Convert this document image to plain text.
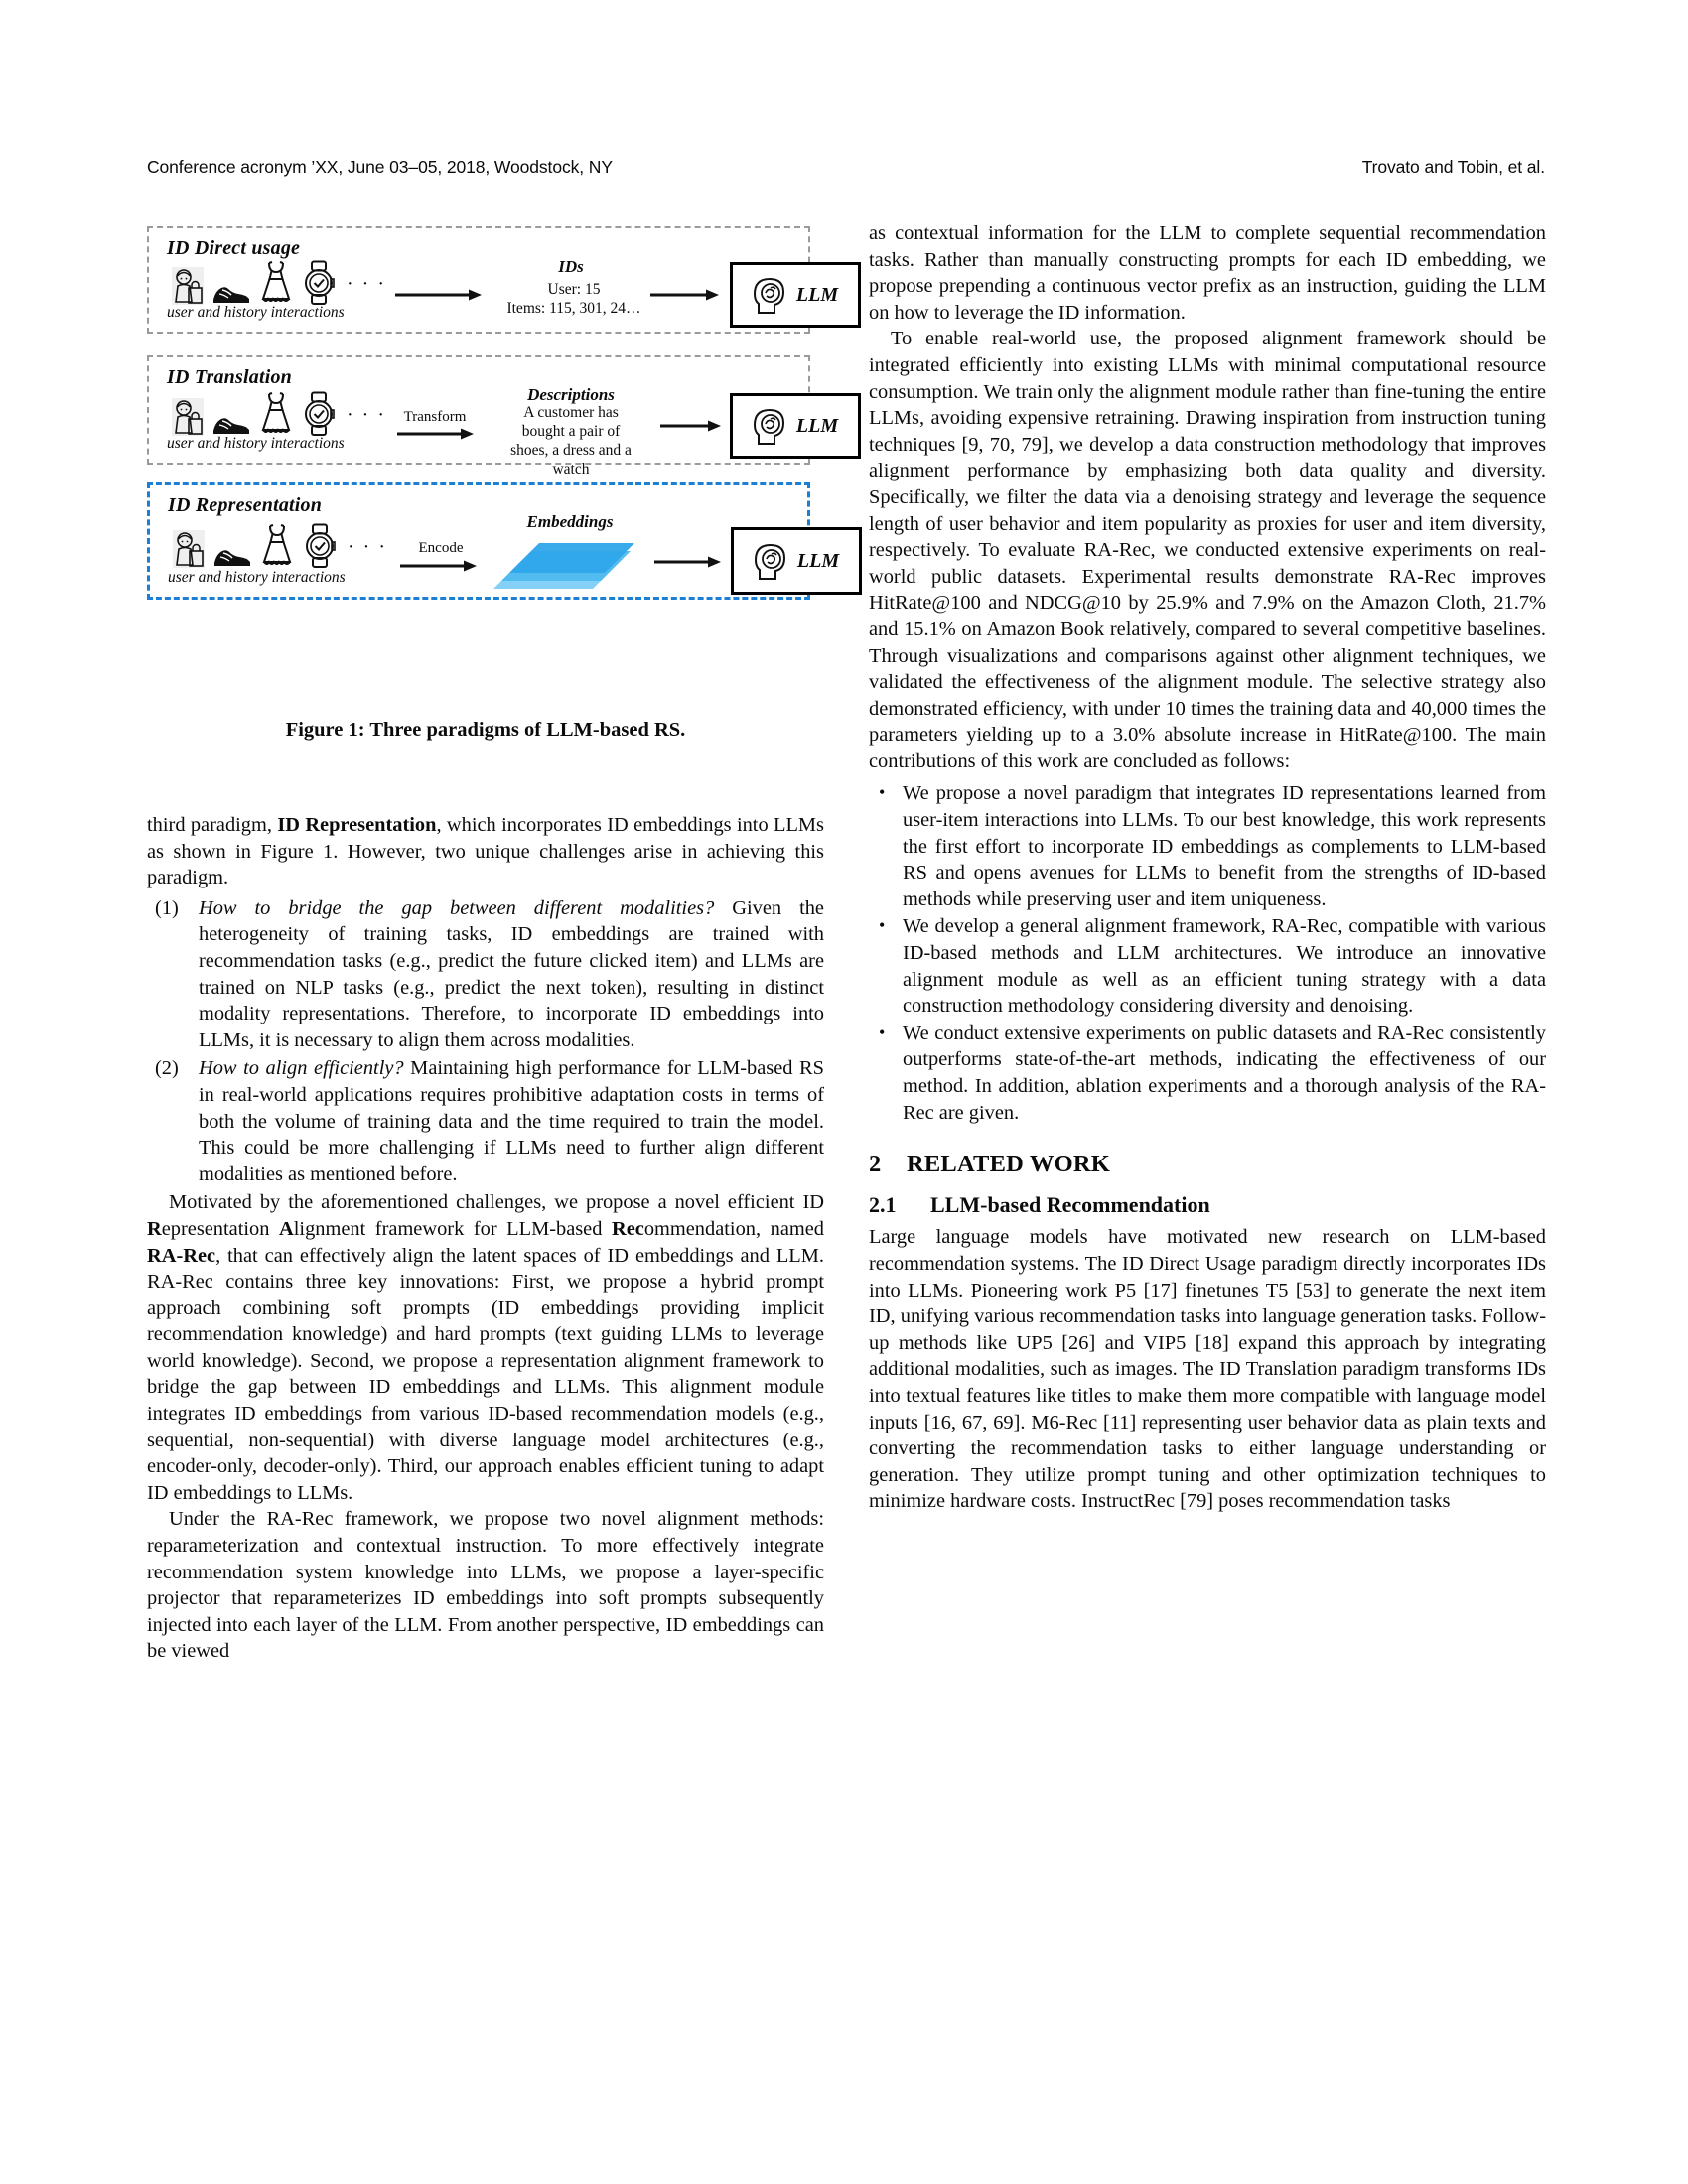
Conference acronym ’XX, June 03–05, 2018, Woodstock, NY	Trovato and Tobin, et al.
ID Direct usage
· · ·
user and history interactions
IDs
User: 15
Items: 115, 301, 24…
LLM
ID Translation
· · ·
user and history interactions
Transform
Descriptions
A customer has
bought a pair of
shoes, a dress and a
watch
LLM
ID Representation
· · ·
user and history interactions
Encode
Embeddings
LLM
Figure 1: Three paradigms of LLM-based RS.

third paradigm, ID Representation, which incorporates ID embeddings into LLMs as shown in Figure 1. However, two unique challenges arise in achieving this paradigm.

(1) How to bridge the gap between different modalities? Given the heterogeneity of training tasks, ID embeddings are trained with recommendation tasks (e.g., predict the future clicked item) and LLMs are trained on NLP tasks (e.g., predict the next token), resulting in distinct modality representations. Therefore, to incorporate ID embeddings into LLMs, it is necessary to align them across modalities.
(2) How to align efficiently? Maintaining high performance for LLM-based RS in real-world applications requires prohibitive adaptation costs in terms of both the volume of training data and the time required to train the model. This could be more challenging if LLMs need to further align different modalities as mentioned before.

Motivated by the aforementioned challenges, we propose a novel efficient ID Representation Alignment framework for LLM-based Recommendation, named RA-Rec, that can effectively align the latent spaces of ID embeddings and LLM. RA-Rec contains three key innovations: First, we propose a hybrid prompt approach combining soft prompts (ID embeddings providing implicit recommendation knowledge) and hard prompts (text guiding LLMs to leverage world knowledge). Second, we propose a representation alignment framework to bridge the gap between ID embeddings and LLMs. This alignment module integrates ID embeddings from various ID-based recommendation models (e.g., sequential, non-sequential) with diverse language model architectures (e.g., encoder-only, decoder-only). Third, our approach enables efficient tuning to adapt ID embeddings to LLMs.

Under the RA-Rec framework, we propose two novel alignment methods: reparameterization and contextual instruction. To more effectively integrate recommendation system knowledge into LLMs, we propose a layer-specific projector that reparameterizes ID embeddings into soft prompts subsequently injected into each layer of the LLM. From another perspective, ID embeddings can be viewed

as contextual information for the LLM to complete sequential recommendation tasks. Rather than manually constructing prompts for each ID embedding, we propose prepending a continuous vector prefix as an instruction, guiding the LLM on how to leverage the ID information.

To enable real-world use, the proposed alignment framework should be integrated efficiently into existing LLMs with minimal computational resource consumption. We train only the alignment module rather than fine-tuning the entire LLMs, avoiding expensive retraining. Drawing inspiration from instruction tuning techniques [9, 70, 79], we develop a data construction methodology that improves alignment performance by emphasizing both data quality and diversity. Specifically, we filter the data via a denoising strategy and leverage the sequence length of user behavior and item popularity as proxies for user and item diversity, respectively. To evaluate RA-Rec, we conducted extensive experiments on real-world public datasets. Experimental results demonstrate RA-Rec improves HitRate@100 and NDCG@10 by 25.9% and 7.9% on the Amazon Cloth, 21.7% and 15.1% on Amazon Book relatively, compared to several competitive baselines. Through visualizations and comparisons against other alignment techniques, we validated the effectiveness of the alignment module. The selective strategy also demonstrated efficiency, with under 10 times the training data and 40,000 times the parameters yielding up to a 3.0% absolute increase in HitRate@100. The main contributions of this work are concluded as follows:

• We propose a novel paradigm that integrates ID representations learned from user-item interactions into LLMs. To our best knowledge, this work represents the first effort to incorporate ID embeddings as complements to LLM-based RS and opens avenues for LLMs to benefit from the strengths of ID-based methods while preserving user and item uniqueness.
• We develop a general alignment framework, RA-Rec, compatible with various ID-based methods and LLM architectures. We introduce an innovative alignment module as well as an efficient tuning strategy with a data construction methodology considering diversity and denoising.
• We conduct extensive experiments on public datasets and RA-Rec consistently outperforms state-of-the-art methods, indicating the effectiveness of our method. In addition, ablation experiments and a thorough analysis of the RA-Rec are given.
2 RELATED WORK
2.1 LLM-based Recommendation

Large language models have motivated new research on LLM-based recommendation systems. The ID Direct Usage paradigm directly incorporates IDs into LLMs. Pioneering work P5 [17] finetunes T5 [53] to generate the next item ID, unifying various recommendation tasks into language generation tasks. Follow-up methods like UP5 [26] and VIP5 [18] expand this approach by integrating additional modalities, such as images. The ID Translation paradigm transforms IDs into textual features like titles to make them more compatible with language model inputs [16, 67, 69]. M6-Rec [11] representing user behavior data as plain texts and converting the recommendation tasks to either language understanding or generation. They utilize prompt tuning and other optimization techniques to minimize hardware costs. InstructRec [79] poses recommendation tasks
